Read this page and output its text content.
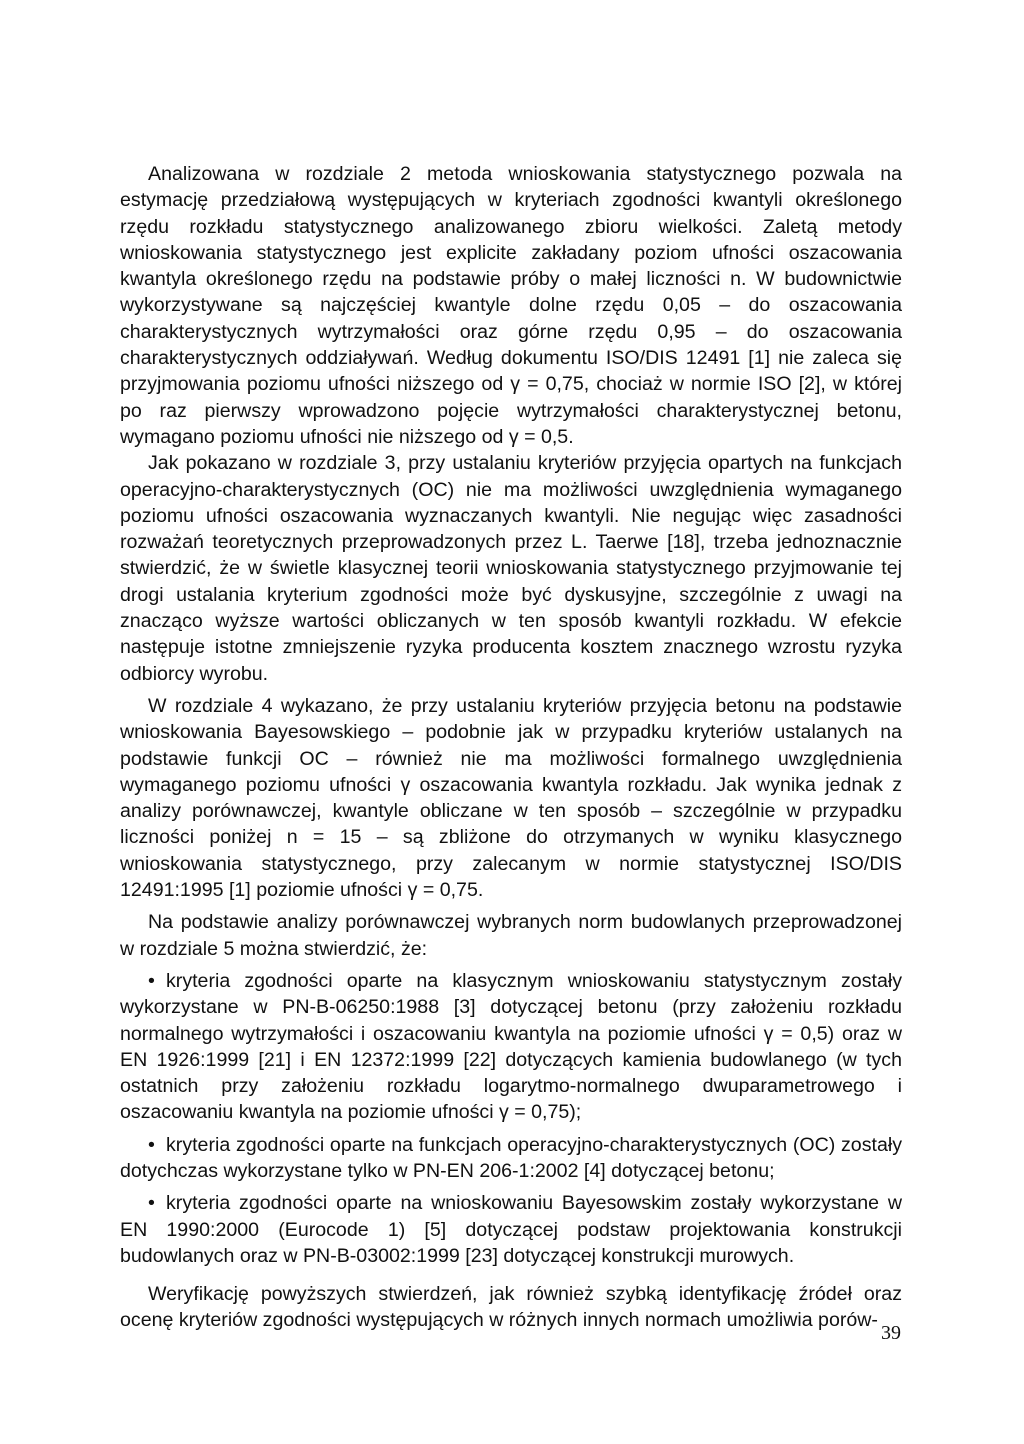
Analizowana w rozdziale 2 metoda wnioskowania statystycznego pozwala na estymację przedziałową występujących w kryteriach zgodności kwantyli określonego rzędu rozkładu statystycznego analizowanego zbioru wielkości. Zaletą metody wnioskowania statystycznego jest explicite zakładany poziom ufności oszacowania kwantyla określonego rzędu na podstawie próby o małej liczności n. W budownictwie wykorzystywane są najczęściej kwantyle dolne rzędu 0,05 – do oszacowania charakterystycznych wytrzymałości oraz górne rzędu 0,95 – do oszacowania charakterystycznych oddziaływań. Według dokumentu ISO/DIS 12491 [1] nie zaleca się przyjmowania poziomu ufności niższego od γ = 0,75, chociaż w normie ISO [2], w której po raz pierwszy wprowadzono pojęcie wytrzymałości charakterystycznej betonu, wymagano poziomu ufności nie niższego od γ = 0,5.

Jak pokazano w rozdziale 3, przy ustalaniu kryteriów przyjęcia opartych na funkcjach operacyjno-charakterystycznych (OC) nie ma możliwości uwzględnienia wymaganego poziomu ufności oszacowania wyznaczanych kwantyli. Nie negując więc zasadności rozważań teoretycznych przeprowadzonych przez L. Taerwe [18], trzeba jednoznacznie stwierdzić, że w świetle klasycznej teorii wnioskowania statystycznego przyjmowanie tej drogi ustalania kryterium zgodności może być dyskusyjne, szczególnie z uwagi na znacząco wyższe wartości obliczanych w ten sposób kwantyli rozkładu. W efekcie następuje istotne zmniejszenie ryzyka producenta kosztem znacznego wzrostu ryzyka odbiorcy wyrobu.

W rozdziale 4 wykazano, że przy ustalaniu kryteriów przyjęcia betonu na podstawie wnioskowania Bayesowskiego – podobnie jak w przypadku kryteriów ustalanych na podstawie funkcji OC – również nie ma możliwości formalnego uwzględnienia wymaganego poziomu ufności γ oszacowania kwantyla rozkładu. Jak wynika jednak z analizy porównawczej, kwantyle obliczane w ten sposób – szczególnie w przypadku liczności poniżej n = 15 – są zbliżone do otrzymanych w wyniku klasycznego wnioskowania statystycznego, przy zalecanym w normie statystycznej ISO/DIS 12491:1995 [1] poziomie ufności γ = 0,75.

Na podstawie analizy porównawczej wybranych norm budowlanych przeprowadzonej w rozdziale 5 można stwierdzić, że:

• kryteria zgodności oparte na klasycznym wnioskowaniu statystycznym zostały wykorzystane w PN-B-06250:1988 [3] dotyczącej betonu (przy założeniu rozkładu normalnego wytrzymałości i oszacowaniu kwantyla na poziomie ufności γ = 0,5) oraz w EN 1926:1999 [21] i EN 12372:1999 [22] dotyczących kamienia budowlanego (w tych ostatnich przy założeniu rozkładu logarytmo-normalnego dwuparametrowego i oszacowaniu kwantyla na poziomie ufności γ = 0,75);

• kryteria zgodności oparte na funkcjach operacyjno-charakterystycznych (OC) zostały dotychczas wykorzystane tylko w PN-EN 206-1:2002 [4] dotyczącej betonu;

• kryteria zgodności oparte na wnioskowaniu Bayesowskim zostały wykorzystane w EN 1990:2000 (Eurocode 1) [5] dotyczącej podstaw projektowania konstrukcji budowlanych oraz w PN-B-03002:1999 [23] dotyczącej konstrukcji murowych.

Weryfikację powyższych stwierdzeń, jak również szybką identyfikację źródeł oraz ocenę kryteriów zgodności występujących w różnych innych normach umożliwia porów-

39
